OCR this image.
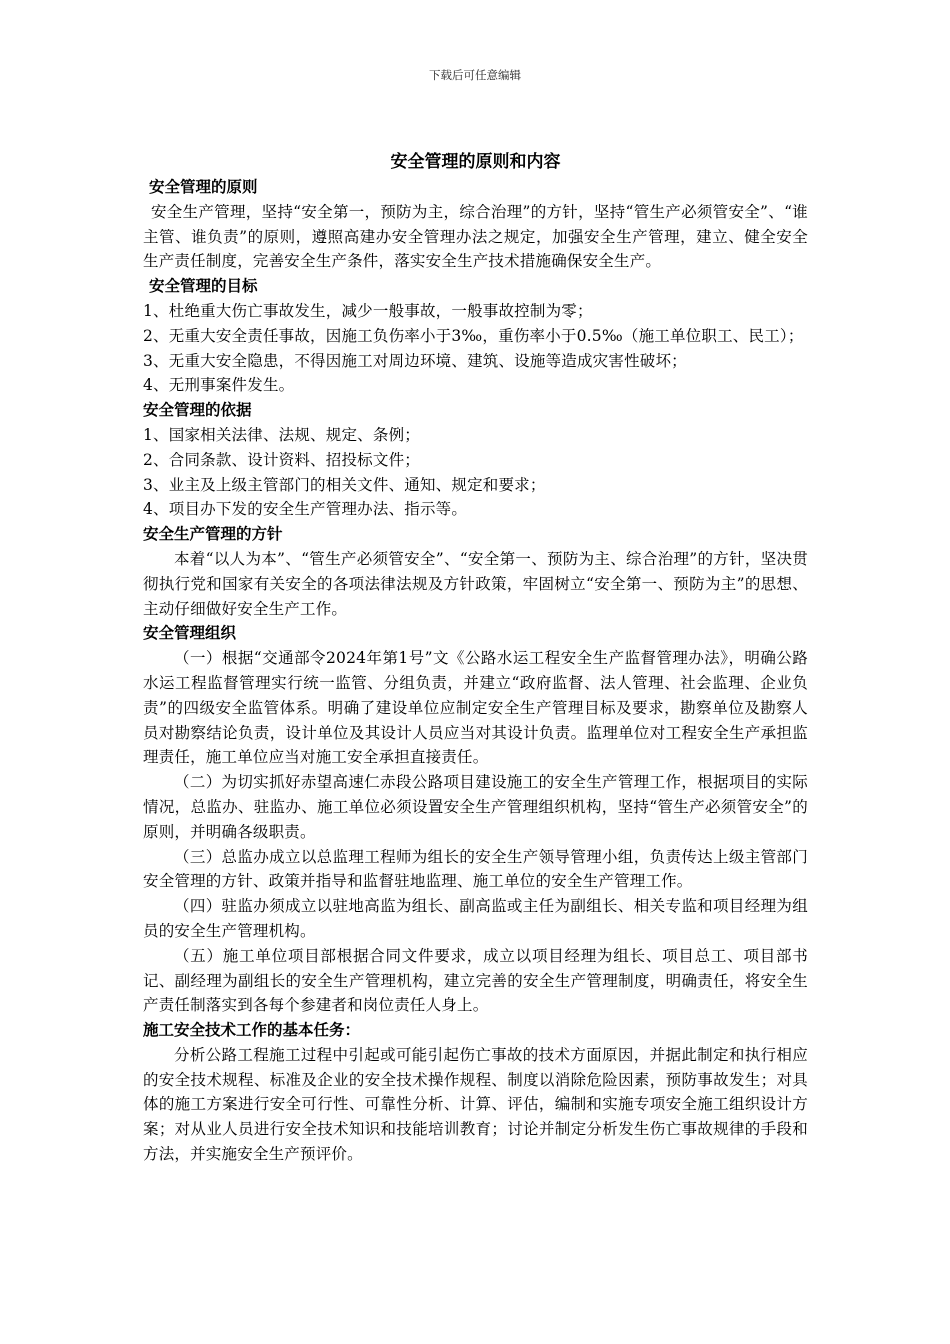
下载后可任意编辑
安全管理的原则和内容
安全管理的原则

安全生产管理，坚持“安全第一，预防为主，综合治理”的方针，坚持“管生产必须管安全”、“谁主管、谁负责”的原则，遵照高建办安全管理办法之规定，加强安全生产管理，建立、健全安全生产责任制度，完善安全生产条件，落实安全生产技术措施确保安全生产。

安全管理的目标

1、杜绝重大伤亡事故发生，减少一般事故，一般事故控制为零；

2、无重大安全责任事故，因施工负伤率小于3‰，重伤率小于0.5‰（施工单位职工、民工）；

3、无重大安全隐患，不得因施工对周边环境、建筑、设施等造成灾害性破坏；

4、无刑事案件发生。

安全管理的依据

1、国家相关法律、法规、规定、条例；

2、合同条款、设计资料、招投标文件；

3、业主及上级主管部门的相关文件、通知、规定和要求；

4、项目办下发的安全生产管理办法、指示等。

安全生产管理的方针

本着“以人为本”、“管生产必须管安全”、“安全第一、预防为主、综合治理”的方针，坚决贯彻执行党和国家有关安全的各项法律法规及方针政策，牢固树立“安全第一、预防为主”的思想、主动仔细做好安全生产工作。

安全管理组织

（一）根据“交通部令2024年第1号”文《公路水运工程安全生产监督管理办法》，明确公路水运工程监督管理实行统一监管、分组负责，并建立“政府监督、法人管理、社会监理、企业负责”的四级安全监管体系。明确了建设单位应制定安全生产管理目标及要求，勘察单位及勘察人员对勘察结论负责，设计单位及其设计人员应当对其设计负责。监理单位对工程安全生产承担监理责任，施工单位应当对施工安全承担直接责任。

（二）为切实抓好赤望高速仁赤段公路项目建设施工的安全生产管理工作，根据项目的实际情况，总监办、驻监办、施工单位必须设置安全生产管理组织机构，坚持“管生产必须管安全”的原则，并明确各级职责。

（三）总监办成立以总监理工程师为组长的安全生产领导管理小组，负责传达上级主管部门安全管理的方针、政策并指导和监督驻地监理、施工单位的安全生产管理工作。

（四）驻监办须成立以驻地高监为组长、副高监或主任为副组长、相关专监和项目经理为组员的安全生产管理机构。

（五）施工单位项目部根据合同文件要求，成立以项目经理为组长、项目总工、项目部书记、副经理为副组长的安全生产管理机构，建立完善的安全生产管理制度，明确责任，将安全生产责任制落实到各每个参建者和岗位责任人身上。

施工安全技术工作的基本任务：

分析公路工程施工过程中引起或可能引起伤亡事故的技术方面原因，并据此制定和执行相应的安全技术规程、标准及企业的安全技术操作规程、制度以消除危险因素，预防事故发生；对具体的施工方案进行安全可行性、可靠性分析、计算、评估，编制和实施专项安全施工组织设计方案；对从业人员进行安全技术知识和技能培训教育；讨论并制定分析发生伤亡事故规律的手段和方法，并实施安全生产预评价。
